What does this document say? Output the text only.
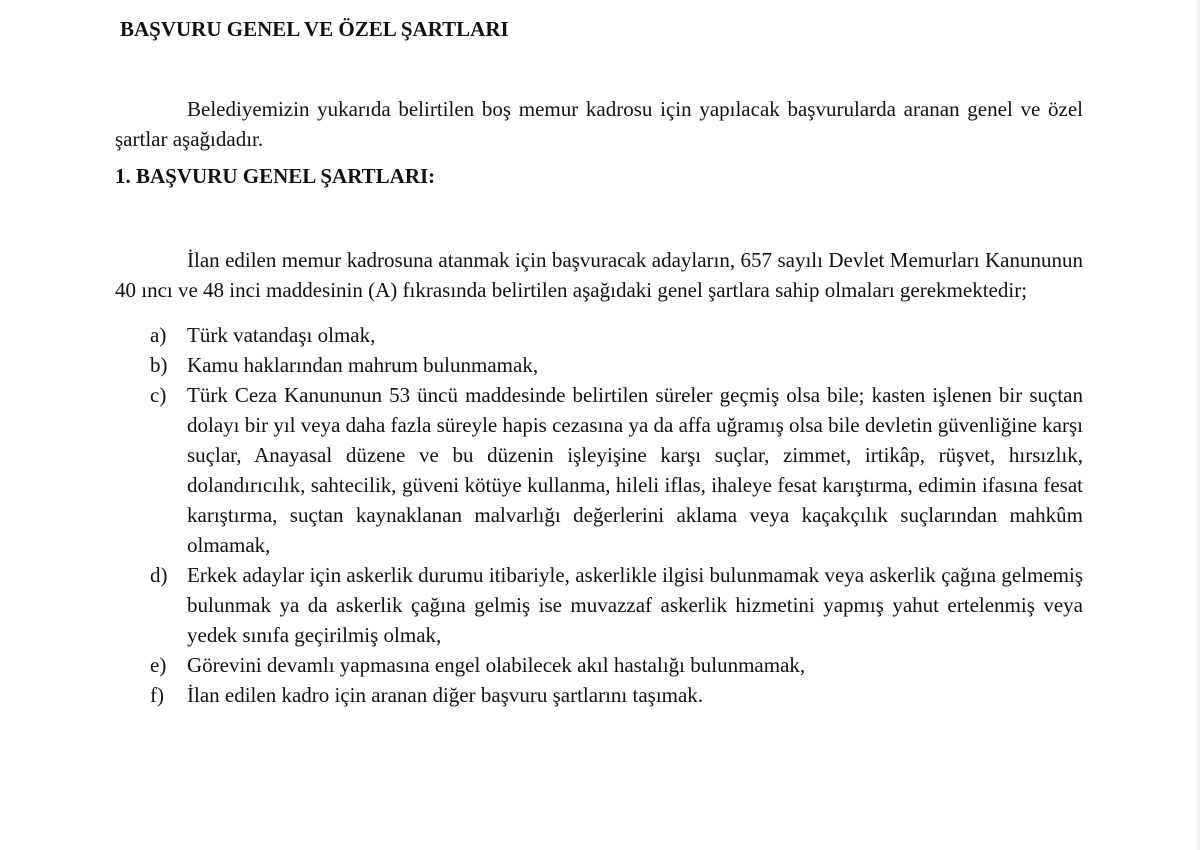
BAŞVURU GENEL VE ÖZEL ŞARTLARI

Belediyemizin yukarıda belirtilen boş memur kadrosu için yapılacak başvurularda aranan genel ve özel şartlar aşağıdadır.

1. BAŞVURU GENEL ŞARTLARI:

İlan edilen memur kadrosuna atanmak için başvuracak adayların, 657 sayılı Devlet Memurları Kanununun 40 ıncı ve 48 inci maddesinin (A) fıkrasında belirtilen aşağıdaki genel şartlara sahip olmaları gerekmektedir;

a) Türk vatandaşı olmak,
b) Kamu haklarından mahrum bulunmamak,
c) Türk Ceza Kanununun 53 üncü maddesinde belirtilen süreler geçmiş olsa bile; kasten işlenen bir suçtan dolayı bir yıl veya daha fazla süreyle hapis cezasına ya da affa uğramış olsa bile devletin güvenliğine karşı suçlar, Anayasal düzene ve bu düzenin işleyişine karşı suçlar, zimmet, irtikâp, rüşvet, hırsızlık, dolandırıcılık, sahtecilik, güveni kötüye kullanma, hileli iflas, ihaleye fesat karıştırma, edimin ifasına fesat karıştırma, suçtan kaynaklanan malvarlığı değerlerini aklama veya kaçakçılık suçlarından mahkûm olmamak,
d) Erkek adaylar için askerlik durumu itibariyle, askerlikle ilgisi bulunmamak veya askerlik çağına gelmemiş bulunmak ya da askerlik çağına gelmiş ise muvazzaf askerlik hizmetini yapmış yahut ertelenmiş veya yedek sınıfa geçirilmiş olmak,
e) Görevini devamlı yapmasına engel olabilecek akıl hastalığı bulunmamak,
f)	İlan edilen kadro için aranan diğer başvuru şartlarını taşımak.
